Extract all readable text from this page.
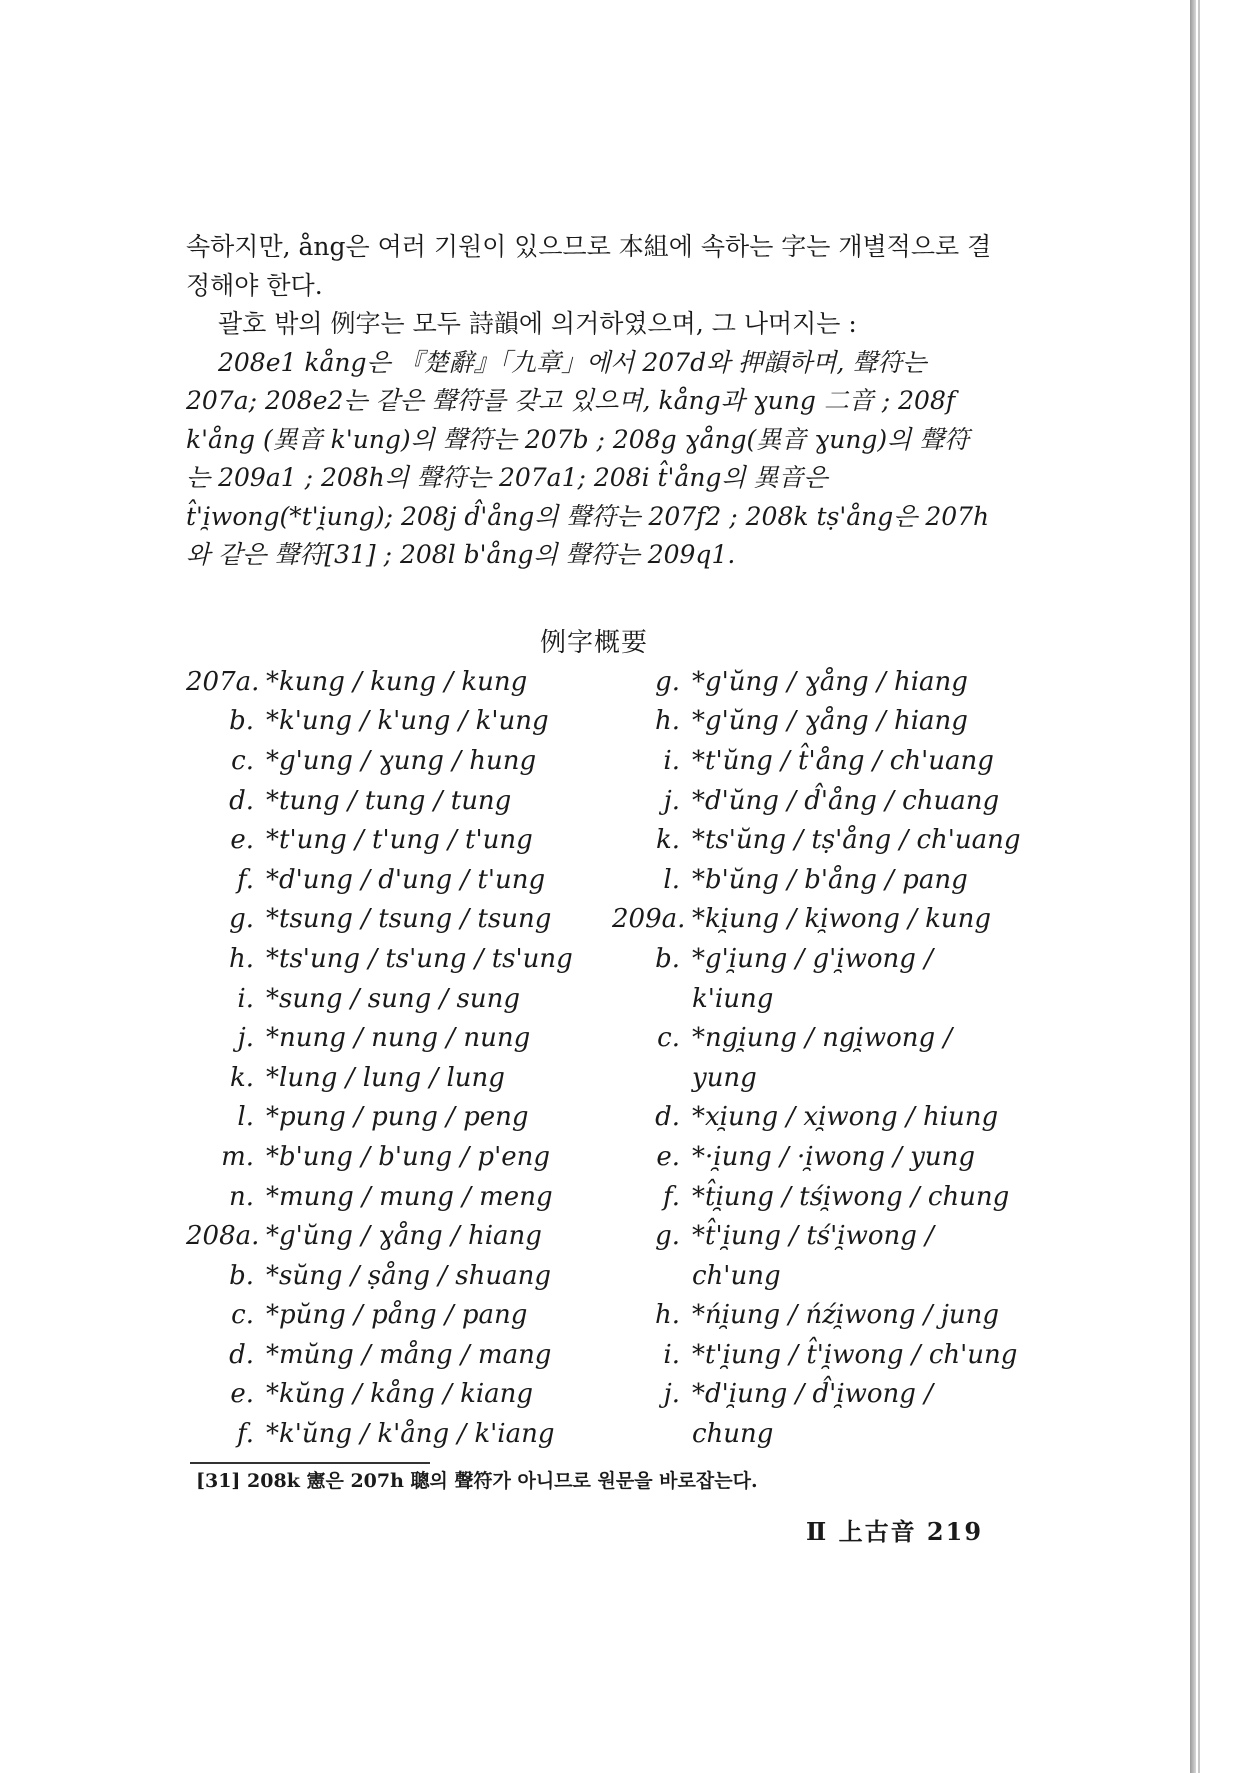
속하지만, ång은 여러 기원이 있으므로 本組에 속하는 字는 개별적으로 결정해야 한다.

괄호 밖의 例字는 모두 詩韻에 의거하였으며, 그 나머지는 :

208e1 kång은 『楚辭』「九章」에서 207d와 押韻하며, 聲符는 207a; 208e2는 같은 聲符를 갖고 있으며, kång과 ɣung 二音 ; 208f k'ång (異音 k'ung)의 聲符는 207b ; 208g ɣång(異音 ɣung)의 聲符는 209a1 ; 208h의 聲符는 207a1; 208i t̂'ång의 異音은 t̂'i̯wong(*t'i̯ung); 208j d̂'ång의 聲符는 207f2 ; 208k tṣ'ång은 207h와 같은 聲符[31] ; 208l b'ång의 聲符는 209q1.

例字概要
207a. *kung / kung / kung
b. *k'ung / k'ung / k'ung
c. *g'ung / ɣung / hung
d. *tung / tung / tung
e. *t'ung / t'ung / t'ung
f. *d'ung / d'ung / t'ung
g. *tsung / tsung / tsung
h. *ts'ung / ts'ung / ts'ung
i. *sung / sung / sung
j. *nung / nung / nung
k. *lung / lung / lung
l. *pung / pung / peng
m. *b'ung / b'ung / p'eng
n. *mung / mung / meng
208a. *g'ŭng / ɣång / hiang
b. *sŭng / ṣång / shuang
c. *pŭng / pång / pang
d. *mŭng / mång / mang
e. *kŭng / kång / kiang
f. *k'ŭng / k'ång / k'iang
g. *g'ŭng / ɣång / hiang
h. *g'ŭng / ɣång / hiang
i. *t'ŭng / t̂'ång / ch'uang
j. *d'ŭng / d̂'ång / chuang
k. *ts'ŭng / tṣ'ång / ch'uang
l. *b'ŭng / b'ång / pang
209a. *ki̯ung / ki̯wong / kung
b. *g'i̯ung / g'i̯wong /
k'iung
c. *ngi̯ung / ngi̯wong /
yung
d. *xi̯ung / xi̯wong / hiung
e. *·i̯ung / ·i̯wong / yung
f. *t̂i̯ung / tśi̯wong / chung
g. *t̂'i̯ung / tś'i̯wong /
ch'ung
h. *ńi̯ung / ńźi̯wong / jung
i. *t'i̯ung / t̂'i̯wong / ch'ung
j. *d'i̯ung / d̂'i̯wong /
chung
[31] 208k 憲은 207h 聰의 聲符가 아니므로 원문을 바로잡는다.
Ⅱ 上古音 219
